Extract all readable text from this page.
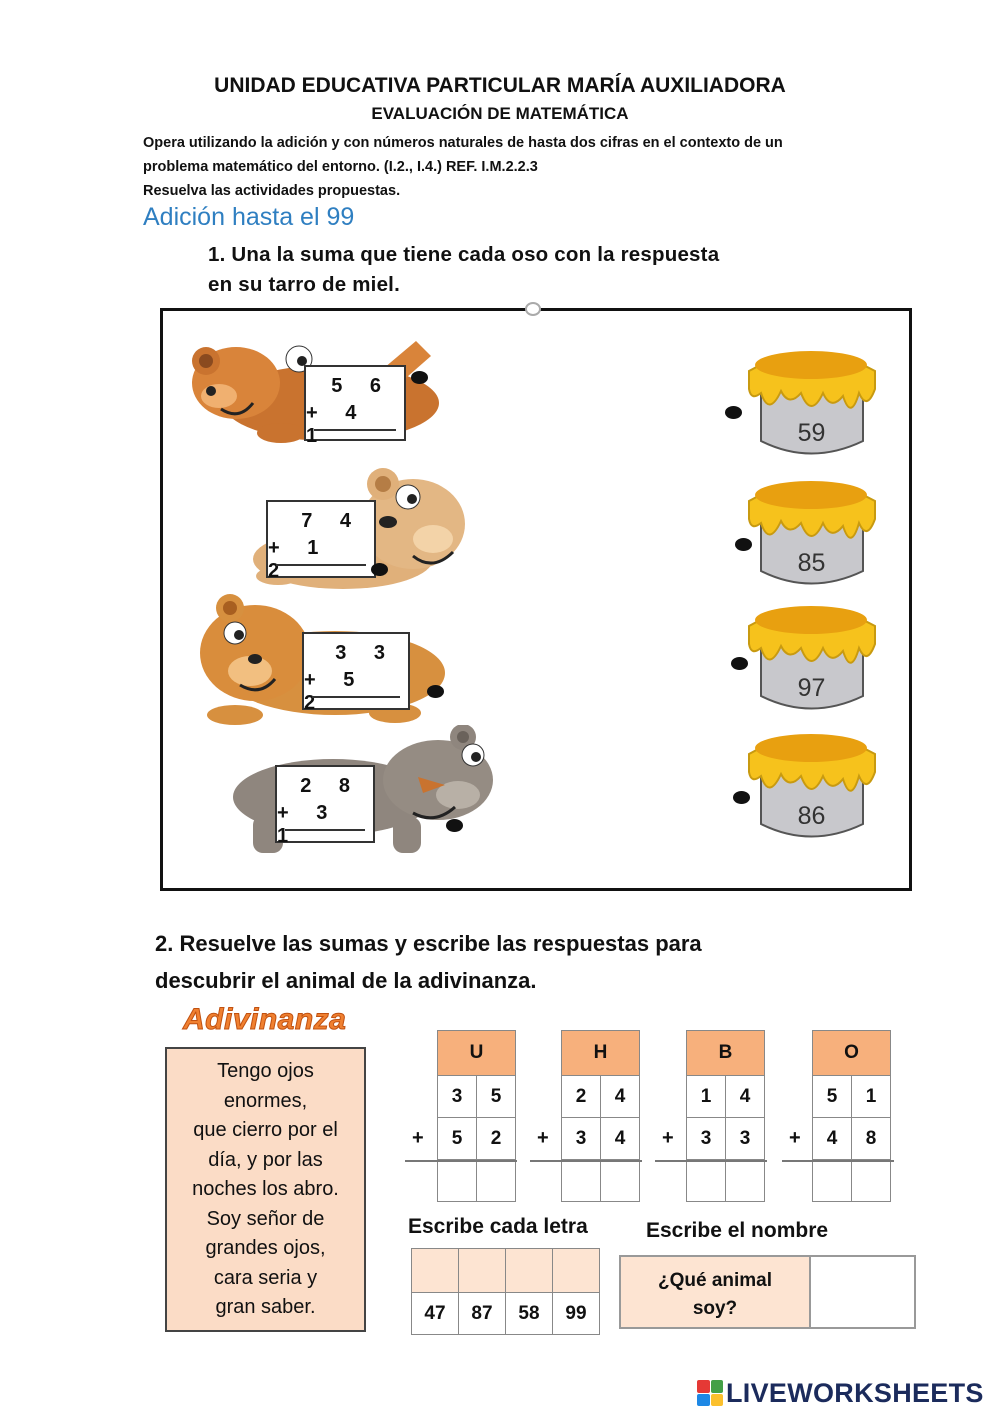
UNIDAD EDUCATIVA PARTICULAR MARÍA AUXILIADORA
EVALUACIÓN DE MATEMÁTICA
Opera utilizando la adición y con números naturales de hasta dos cifras en el contexto de un
problema matemático del entorno. (I.2., I.4.) REF. I.M.2.2.3
Resuelva las actividades propuestas.
Adición hasta el 99
1. Una la suma que tiene cada oso con la respuesta
en su tarro de miel.
5 6
+ 4 1
7 4
+ 1 2
3 3
+ 5 2
2 8
+ 3 1
59
85
97
86
2. Resuelve las sumas y escribe las respuestas para
descubrir el animal de la adivinanza.
Adivinanza
Tengo ojos
enormes,
que cierro por el
día, y por las
noches los abro.
Soy señor de
grandes ojos,
cara seria y
gran saber.
U	
3	5
5	2

+
H	
2	4
3	4

+
B	
1	4
3	3

+
O	
5	1
4	8

+
Escribe cada letra

47	87	58	99
Escribe el nombre
¿Qué animal
soy?
LIVEWORKSHEETS
